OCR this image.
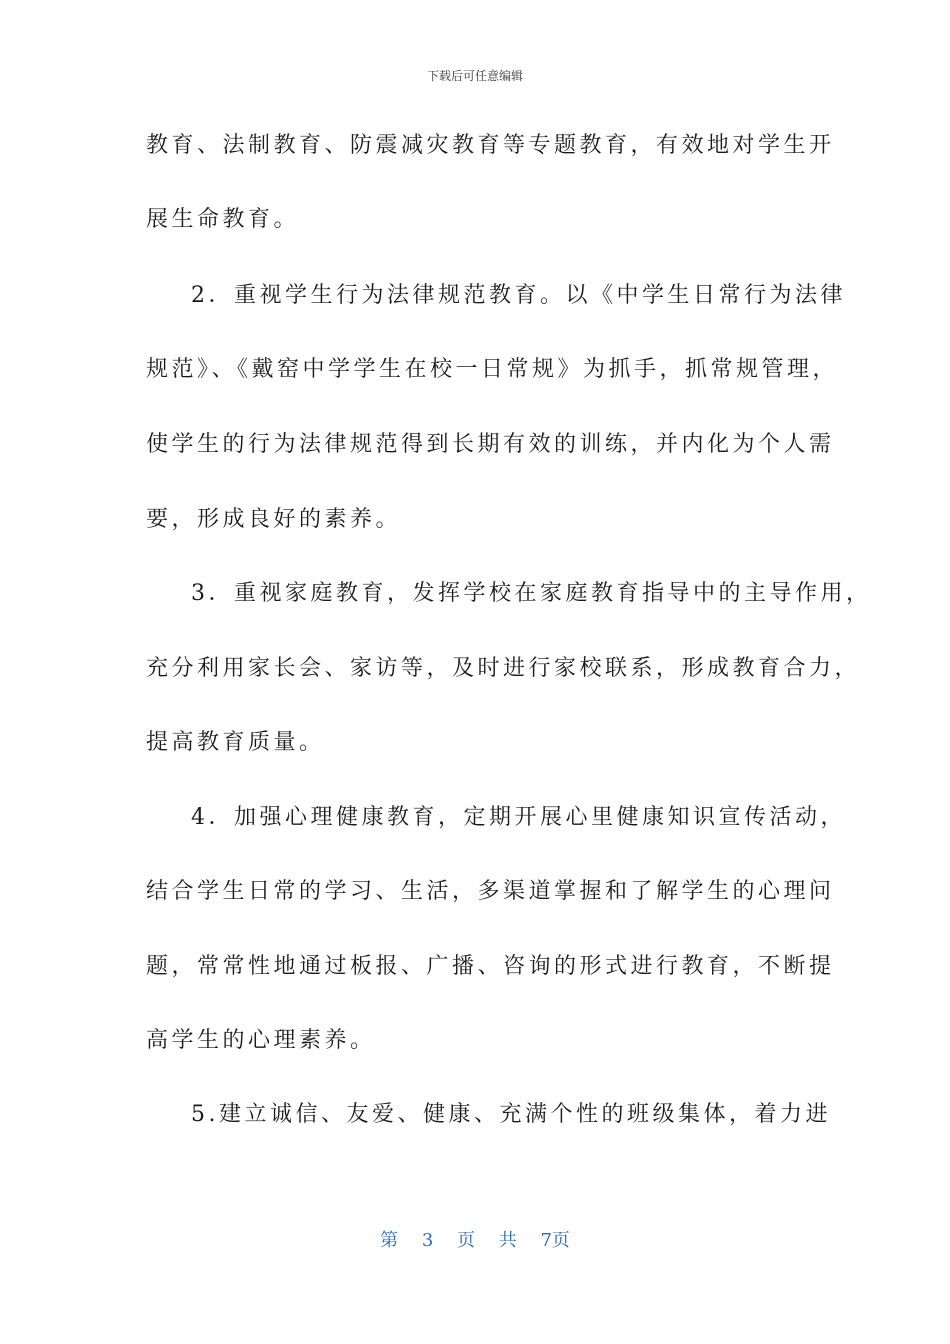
下载后可任意编辑
教育、法制教育、防震减灾教育等专题教育，有效地对学生开
展生命教育。
2．重视学生行为法律规范教育。以《中学生日常行为法律
规范》、《戴窑中学学生在校一日常规》为抓手，抓常规管理，
使学生的行为法律规范得到长期有效的训练，并内化为个人需
要，形成良好的素养。
3．重视家庭教育，发挥学校在家庭教育指导中的主导作用，
充分利用家长会、家访等，及时进行家校联系，形成教育合力，
提高教育质量。
4．加强心理健康教育，定期开展心里健康知识宣传活动，
结合学生日常的学习、生活，多渠道掌握和了解学生的心理问
题，常常性地通过板报、广播、咨询的形式进行教育，不断提
高学生的心理素养。
5.建立诚信、友爱、健康、充满个性的班级集体，着力进
第 3 页 共 7页
